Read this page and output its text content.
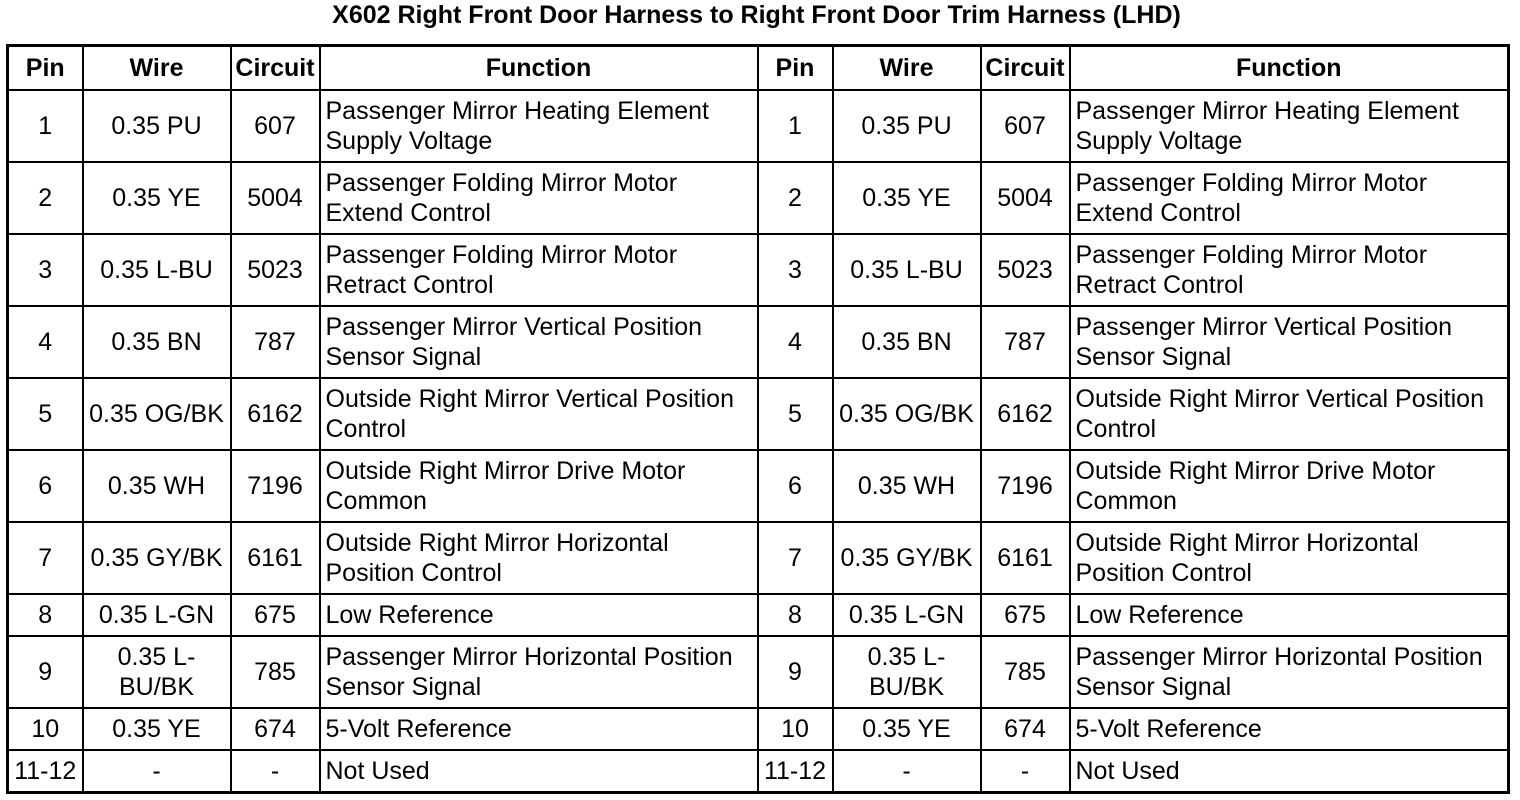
X602 Right Front Door Harness to Right Front Door Trim Harness (LHD)
Pin	Wire	Circuit	Function	Pin	Wire	Circuit	Function
1	0.35 PU	607	Passenger Mirror Heating Element Supply Voltage	1	0.35 PU	607	Passenger Mirror Heating Element Supply Voltage
2	0.35 YE	5004	Passenger Folding Mirror Motor Extend Control	2	0.35 YE	5004	Passenger Folding Mirror Motor Extend Control
3	0.35 L-BU	5023	Passenger Folding Mirror Motor Retract Control	3	0.35 L-BU	5023	Passenger Folding Mirror Motor Retract Control
4	0.35 BN	787	Passenger Mirror Vertical Position Sensor Signal	4	0.35 BN	787	Passenger Mirror Vertical Position Sensor Signal
5	0.35 OG/BK	6162	Outside Right Mirror Vertical Position Control	5	0.35 OG/BK	6162	Outside Right Mirror Vertical Position Control
6	0.35 WH	7196	Outside Right Mirror Drive Motor Common	6	0.35 WH	7196	Outside Right Mirror Drive Motor Common
7	0.35 GY/BK	6161	Outside Right Mirror Horizontal Position Control	7	0.35 GY/BK	6161	Outside Right Mirror Horizontal Position Control
8	0.35 L-GN	675	Low Reference	8	0.35 L-GN	675	Low Reference
9	0.35 L-BU/BK	785	Passenger Mirror Horizontal Position Sensor Signal	9	0.35 L-BU/BK	785	Passenger Mirror Horizontal Position Sensor Signal
10	0.35 YE	674	5-Volt Reference	10	0.35 YE	674	5-Volt Reference
11-12	-	-	Not Used	11-12	-	-	Not Used
